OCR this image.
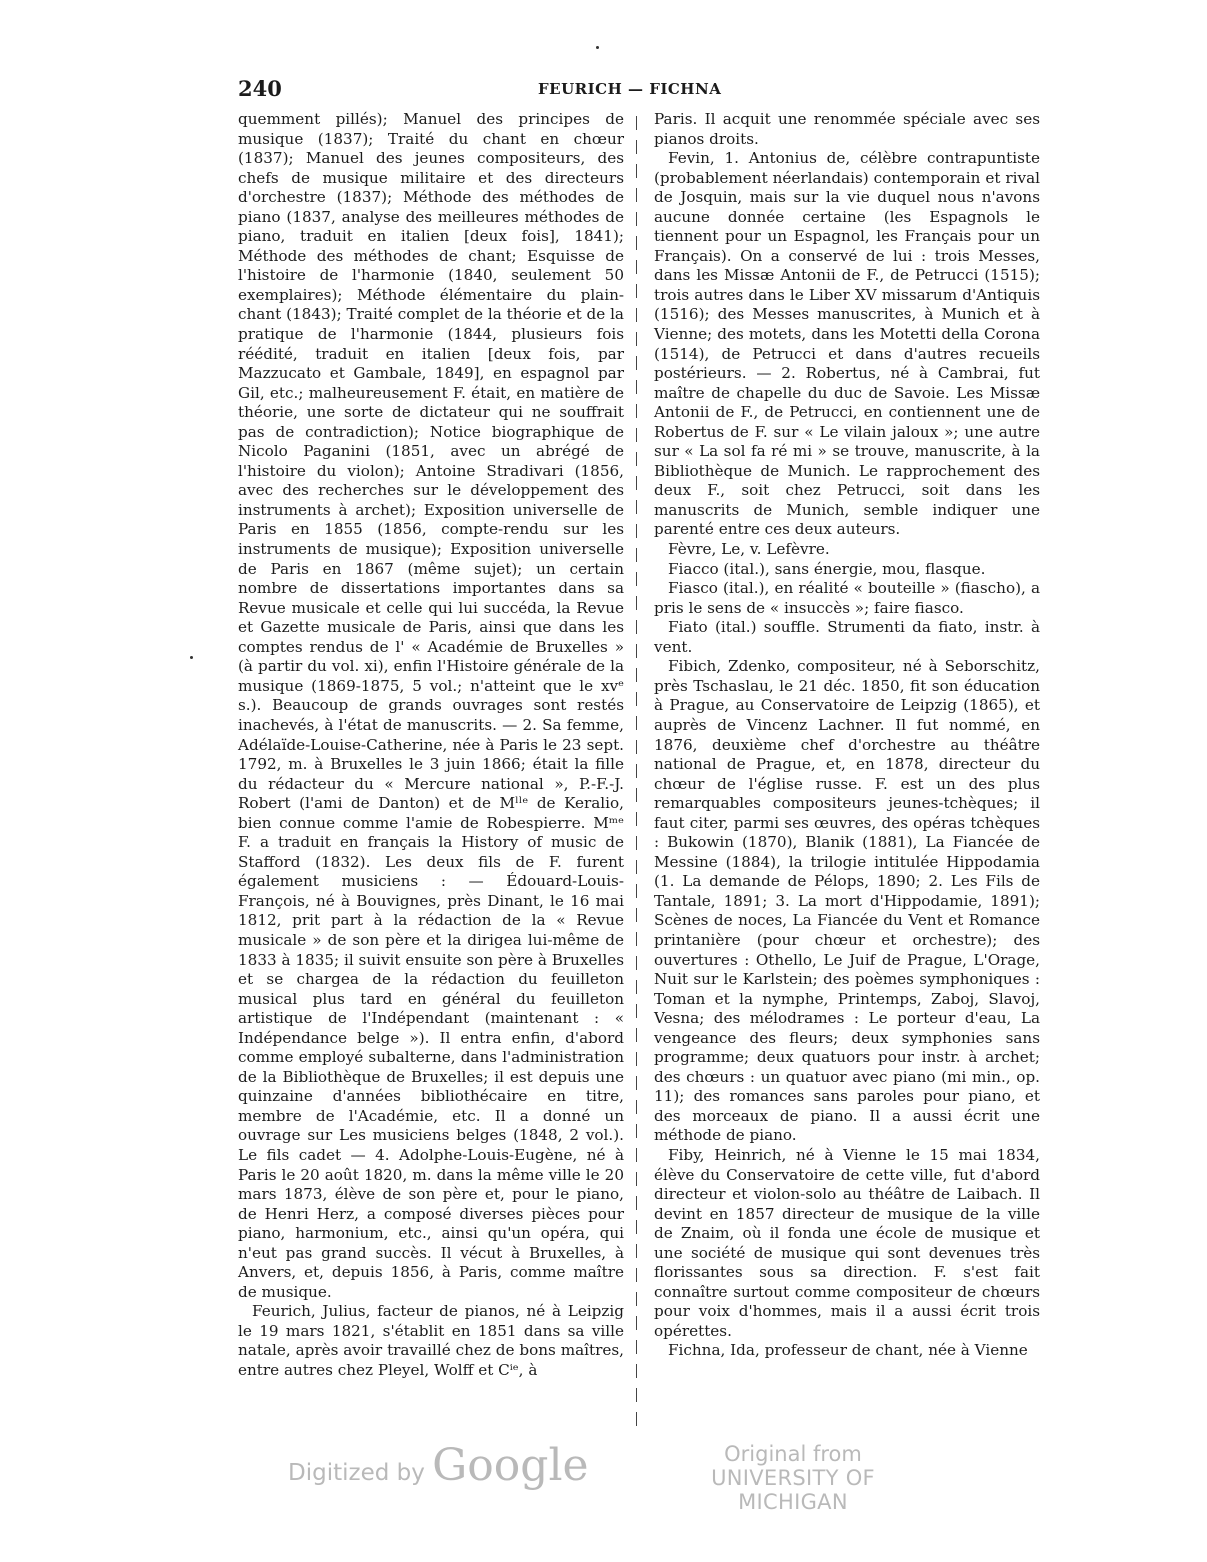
240	FEURICH — FICHNA

quemment pillés); Manuel des principes de musique (1837); Traité du chant en chœur (1837); Manuel des jeunes compositeurs, des chefs de musique militaire et des directeurs d'orchestre (1837); Méthode des méthodes de piano (1837, analyse des meilleures méthodes de piano, traduit en italien [deux fois], 1841); Méthode des méthodes de chant; Esquisse de l'histoire de l'harmonie (1840, seulement 50 exemplaires); Méthode élémentaire du plain-chant (1843); Traité complet de la théorie et de la pratique de l'harmonie (1844, plusieurs fois réédité, traduit en italien [deux fois, par Mazzucato et Gambale, 1849], en espagnol par Gil, etc.; malheureusement F. était, en matière de théorie, une sorte de dictateur qui ne souffrait pas de contradiction); Notice biographique de Nicolo Paganini (1851, avec un abrégé de l'histoire du violon); Antoine Stradivari (1856, avec des recherches sur le développement des instruments à archet); Exposition universelle de Paris en 1855 (1856, compte-rendu sur les instruments de musique); Exposition universelle de Paris en 1867 (même sujet); un certain nombre de dissertations importantes dans sa Revue musicale et celle qui lui succéda, la Revue et Gazette musicale de Paris, ainsi que dans les comptes rendus de l' « Académie de Bruxelles » (à partir du vol. xi), enfin l'Histoire générale de la musique (1869-1875, 5 vol.; n'atteint que le xvᵉ s.). Beaucoup de grands ouvrages sont restés inachevés, à l'état de manuscrits. — 2. Sa femme, Adélaïde-Louise-Catherine, née à Paris le 23 sept. 1792, m. à Bruxelles le 3 juin 1866; était la fille du rédacteur du « Mercure national », P.-F.-J. Robert (l'ami de Danton) et de Mˡˡᵉ de Keralio, bien connue comme l'amie de Robespierre. Mᵐᵉ F. a traduit en français la History of music de Stafford (1832). Les deux fils de F. furent également musiciens : — Édouard-Louis-François, né à Bouvignes, près Dinant, le 16 mai 1812, prit part à la rédaction de la « Revue musicale » de son père et la dirigea lui-même de 1833 à 1835; il suivit ensuite son père à Bruxelles et se chargea de la rédaction du feuilleton musical plus tard en général du feuilleton artistique de l'Indépendant (maintenant : « Indépendance belge »). Il entra enfin, d'abord comme employé subalterne, dans l'administration de la Bibliothèque de Bruxelles; il est depuis une quinzaine d'années bibliothécaire en titre, membre de l'Académie, etc. Il a donné un ouvrage sur Les musiciens belges (1848, 2 vol.). Le fils cadet — 4. Adolphe-Louis-Eugène, né à Paris le 20 août 1820, m. dans la même ville le 20 mars 1873, élève de son père et, pour le piano, de Henri Herz, a composé diverses pièces pour piano, harmonium, etc., ainsi qu'un opéra, qui n'eut pas grand succès. Il vécut à Bruxelles, à Anvers, et, depuis 1856, à Paris, comme maître de musique.

Feurich, Julius, facteur de pianos, né à Leipzig le 19 mars 1821, s'établit en 1851 dans sa ville natale, après avoir travaillé chez de bons maîtres, entre autres chez Pleyel, Wolff et Cⁱᵉ, à

Paris. Il acquit une renommée spéciale avec ses pianos droits.

Fevin, 1. Antonius de, célèbre contrapuntiste (probablement néerlandais) contemporain et rival de Josquin, mais sur la vie duquel nous n'avons aucune donnée certaine (les Espagnols le tiennent pour un Espagnol, les Français pour un Français). On a conservé de lui : trois Messes, dans les Missæ Antonii de F., de Petrucci (1515); trois autres dans le Liber XV missarum d'Antiquis (1516); des Messes manuscrites, à Munich et à Vienne; des motets, dans les Motetti della Corona (1514), de Petrucci et dans d'autres recueils postérieurs. — 2. Robertus, né à Cambrai, fut maître de chapelle du duc de Savoie. Les Missæ Antonii de F., de Petrucci, en contiennent une de Robertus de F. sur « Le vilain jaloux »; une autre sur « La sol fa ré mi » se trouve, manuscrite, à la Bibliothèque de Munich. Le rapprochement des deux F., soit chez Petrucci, soit dans les manuscrits de Munich, semble indiquer une parenté entre ces deux auteurs.

Fèvre, Le, v. Lefèvre.

Fiacco (ital.), sans énergie, mou, flasque.

Fiasco (ital.), en réalité « bouteille » (fiascho), a pris le sens de « insuccès »; faire fiasco.

Fiato (ital.) souffle. Strumenti da fiato, instr. à vent.

Fibich, Zdenko, compositeur, né à Seborschitz, près Tschaslau, le 21 déc. 1850, fit son éducation à Prague, au Conservatoire de Leipzig (1865), et auprès de Vincenz Lachner. Il fut nommé, en 1876, deuxième chef d'orchestre au théâtre national de Prague, et, en 1878, directeur du chœur de l'église russe. F. est un des plus remarquables compositeurs jeunes-tchèques; il faut citer, parmi ses œuvres, des opéras tchèques : Bukowin (1870), Blanik (1881), La Fiancée de Messine (1884), la trilogie intitulée Hippodamia (1. La demande de Pélops, 1890; 2. Les Fils de Tantale, 1891; 3. La mort d'Hippodamie, 1891); Scènes de noces, La Fiancée du Vent et Romance printanière (pour chœur et orchestre); des ouvertures : Othello, Le Juif de Prague, L'Orage, Nuit sur le Karlstein; des poèmes symphoniques : Toman et la nymphe, Printemps, Zaboj, Slavoj, Vesna; des mélodrames : Le porteur d'eau, La vengeance des fleurs; deux symphonies sans programme; deux quatuors pour instr. à archet; des chœurs : un quatuor avec piano (mi min., op. 11); des romances sans paroles pour piano, et des morceaux de piano. Il a aussi écrit une méthode de piano.

Fiby, Heinrich, né à Vienne le 15 mai 1834, élève du Conservatoire de cette ville, fut d'abord directeur et violon-solo au théâtre de Laibach. Il devint en 1857 directeur de musique de la ville de Znaim, où il fonda une école de musique et une société de musique qui sont devenues très florissantes sous sa direction. F. s'est fait connaître surtout comme compositeur de chœurs pour voix d'hommes, mais il a aussi écrit trois opérettes.

Fichna, Ida, professeur de chant, née à Vienne

Digitized by Google	Original from
UNIVERSITY OF MICHIGAN
